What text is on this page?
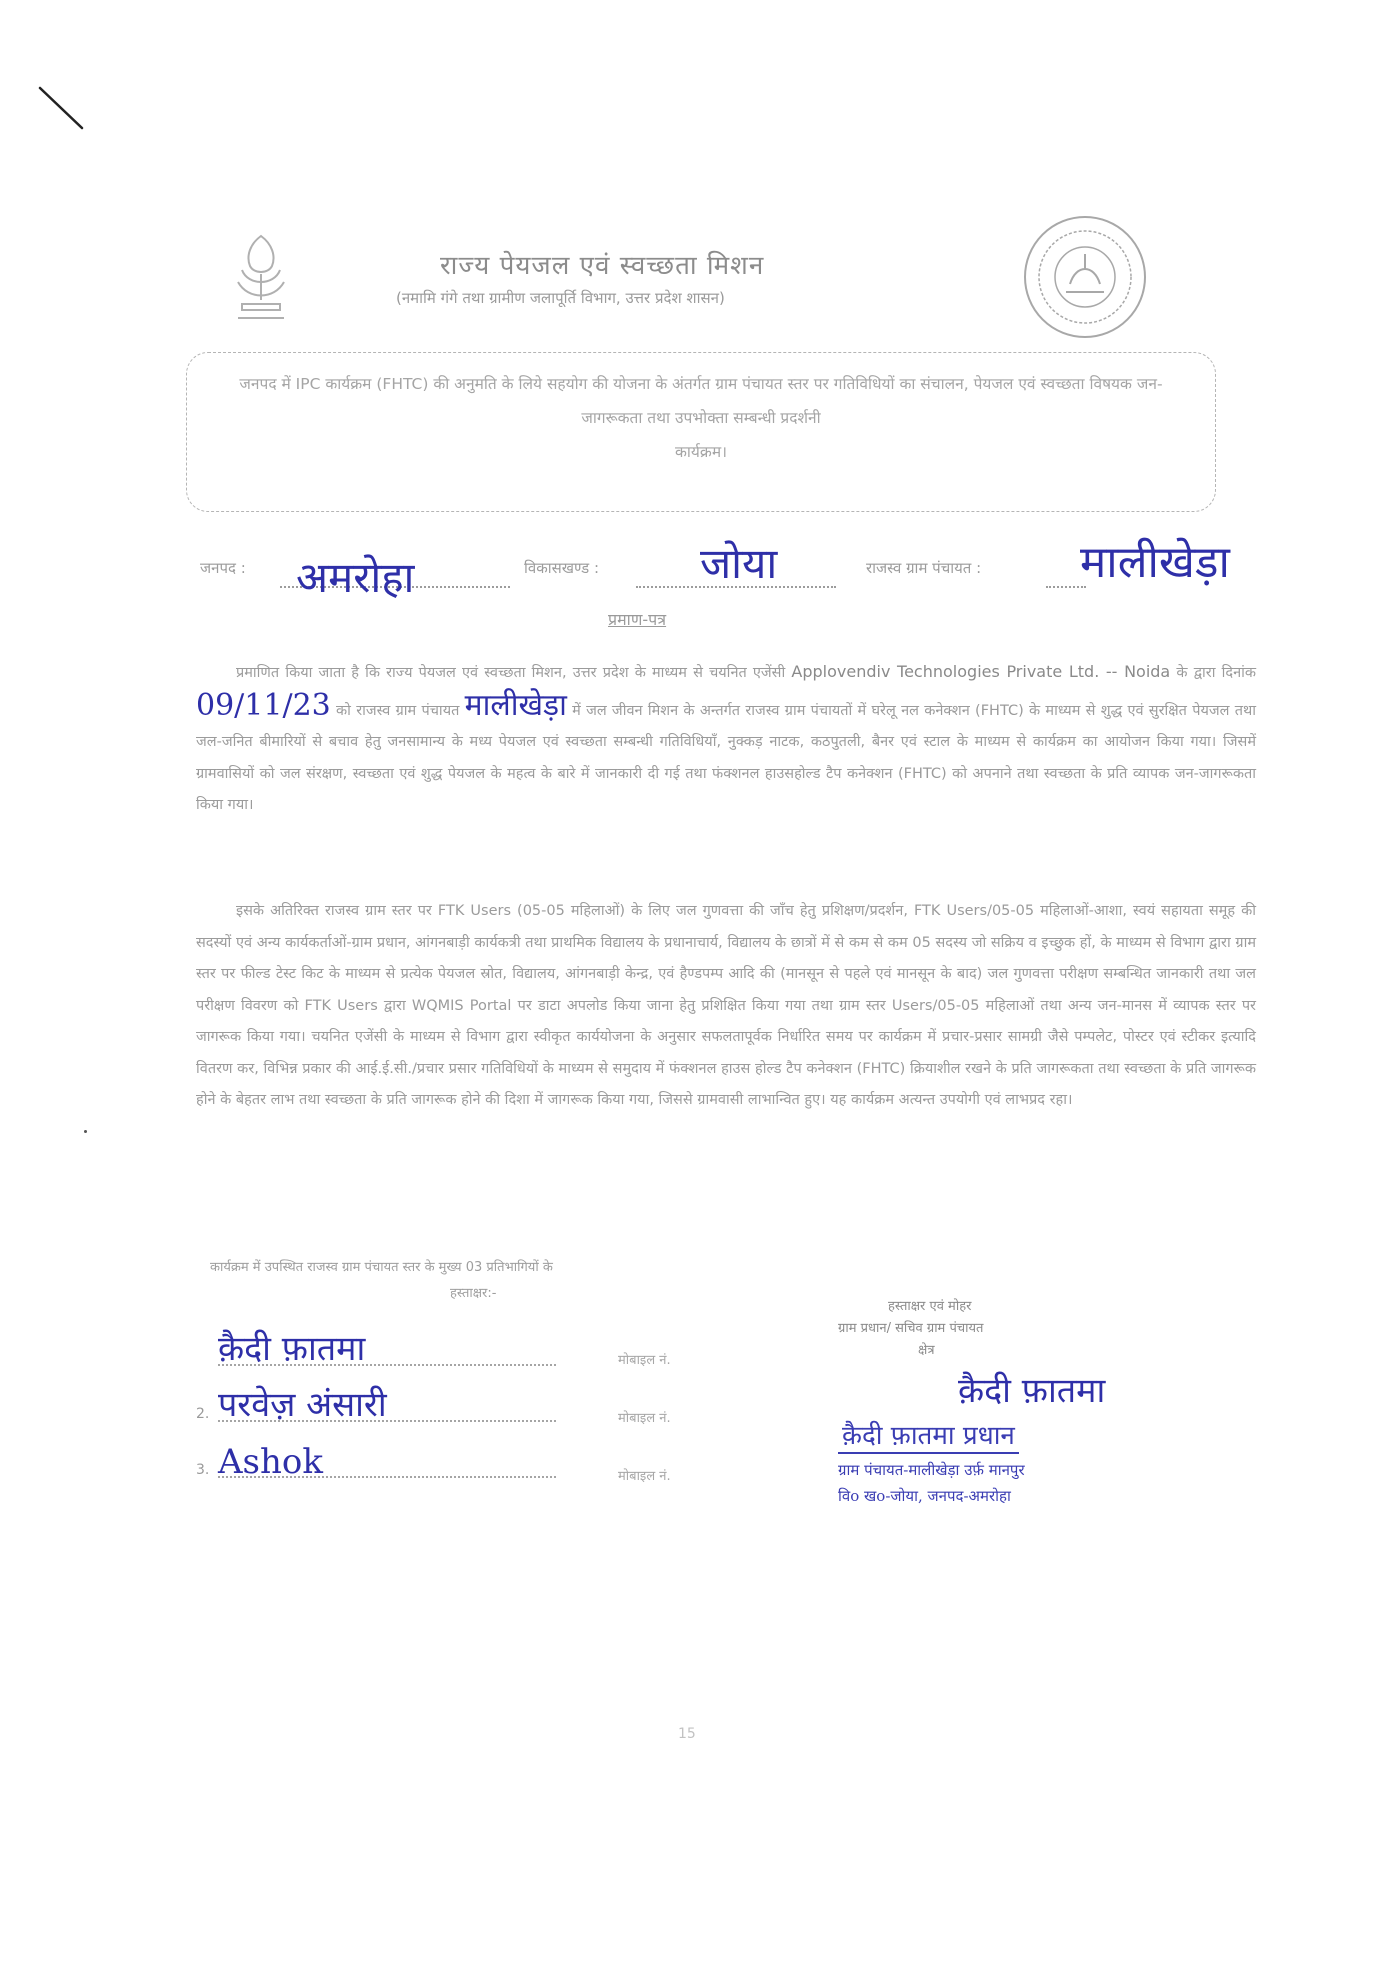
राज्य पेयजल एवं स्वच्छता मिशन
(नमामि गंगे तथा ग्रामीण जलापूर्ति विभाग, उत्तर प्रदेश शासन)
जनपद में IPC कार्यक्रम (FHTC) की अनुमति के लिये सहयोग की योजना के अंतर्गत ग्राम पंचायत स्तर पर गतिविधियों का संचालन, पेयजल एवं स्वच्छता विषयक जन-जागरूकता तथा उपभोक्ता सम्बन्धी प्रदर्शनी
कार्यक्रम।
जनपद : अमरोहा	विकासखण्ड : जोया	राजस्व ग्राम पंचायत : मालीखेड़ा
प्रमाण-पत्र
प्रमाणित किया जाता है कि राज्य पेयजल एवं स्वच्छता मिशन, उत्तर प्रदेश के माध्यम से चयनित एजेंसी Applovendiv Technologies Private Ltd. -- Noida के द्वारा दिनांक 09/11/23 को राजस्व ग्राम पंचायत मालीखेड़ा में जल जीवन मिशन के अन्तर्गत राजस्व ग्राम पंचायतों में घरेलू नल कनेक्शन (FHTC) के माध्यम से शुद्ध एवं सुरक्षित पेयजल तथा जल-जनित बीमारियों से बचाव हेतु जनसामान्य के मध्य पेयजल एवं स्वच्छता सम्बन्धी गतिविधियाँ, नुक्कड़ नाटक, कठपुतली, बैनर एवं स्टाल के माध्यम से कार्यक्रम का आयोजन किया गया। जिसमें ग्रामवासियों को जल संरक्षण, स्वच्छता एवं शुद्ध पेयजल के महत्व के बारे में जानकारी दी गई तथा फंक्शनल हाउसहोल्ड टैप कनेक्शन (FHTC) को अपनाने तथा स्वच्छता के प्रति व्यापक जन-जागरूकता किया गया।
इसके अतिरिक्त राजस्व ग्राम स्तर पर FTK Users (05-05 महिलाओं) के लिए जल गुणवत्ता की जाँच हेतु प्रशिक्षण/प्रदर्शन, FTK Users/05-05 महिलाओं-आशा, स्वयं सहायता समूह की सदस्यों एवं अन्य कार्यकर्ताओं-ग्राम प्रधान, आंगनबाड़ी कार्यकत्री तथा प्राथमिक विद्यालय के प्रधानाचार्य, विद्यालय के छात्रों में से कम से कम 05 सदस्य जो सक्रिय व इच्छुक हों, के माध्यम से विभाग द्वारा ग्राम स्तर पर फील्ड टेस्ट किट के माध्यम से प्रत्येक पेयजल स्रोत, विद्यालय, आंगनबाड़ी केन्द्र, एवं हैण्डपम्प आदि की (मानसून से पहले एवं मानसून के बाद) जल गुणवत्ता परीक्षण सम्बन्धित जानकारी तथा जल परीक्षण विवरण को FTK Users द्वारा WQMIS Portal पर डाटा अपलोड किया जाना हेतु प्रशिक्षित किया गया तथा ग्राम स्तर Users/05-05 महिलाओं तथा अन्य जन-मानस में व्यापक स्तर पर जागरूक किया गया। चयनित एजेंसी के माध्यम से विभाग द्वारा स्वीकृत कार्ययोजना के अनुसार सफलतापूर्वक निर्धारित समय पर कार्यक्रम में प्रचार-प्रसार सामग्री जैसे पम्पलेट, पोस्टर एवं स्टीकर इत्यादि वितरण कर, विभिन्न प्रकार की आई.ई.सी./प्रचार प्रसार गतिविधियों के माध्यम से समुदाय में फंक्शनल हाउस होल्ड टैप कनेक्शन (FHTC) क्रियाशील रखने के प्रति जागरूकता तथा स्वच्छता के प्रति जागरूक होने के बेहतर लाभ तथा स्वच्छता के प्रति जागरूक होने की दिशा में जागरूक किया गया, जिससे ग्रामवासी लाभान्वित हुए। यह कार्यक्रम अत्यन्त उपयोगी एवं लाभप्रद रहा।
कार्यक्रम में उपस्थित राजस्व ग्राम पंचायत स्तर के मुख्य 03 प्रतिभागियों के
हस्ताक्षर:-
क़ैदी फ़ातमा
2. परवेज़ अंसारी
3. Ashok
मोबाइल नं.
मोबाइल नं.
मोबाइल नं.
हस्ताक्षर एवं मोहर
ग्राम प्रधान/ सचिव ग्राम पंचायत
क्षेत्र
क़ैदी फ़ातमा
क़ैदी फ़ातमा प्रधान
ग्राम पंचायत-मालीखेड़ा उर्फ़ मानपुर
विo खo-जोया, जनपद-अमरोहा
15
